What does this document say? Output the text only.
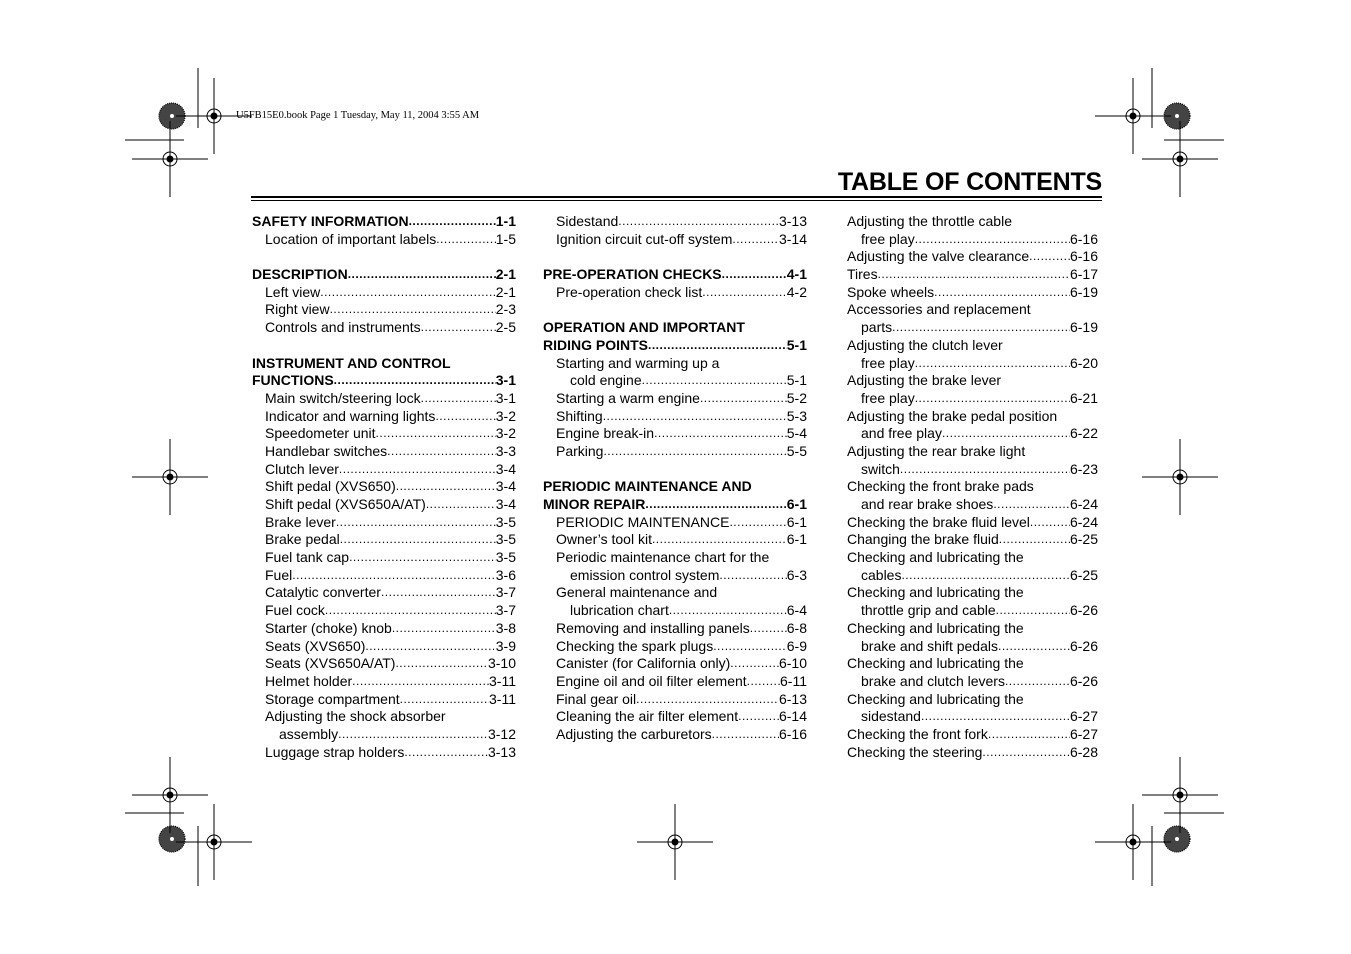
U5FB15E0.book Page 1 Tuesday, May 11, 2004 3:55 AM
TABLE OF CONTENTS
SAFETY INFORMATION .....	1-1
Location of important labels .....	1-5
DESCRIPTION .....	2-1
Left view .....	2-1
Right view .....	2-3
Controls and instruments .....	2-5
INSTRUMENT AND CONTROL
FUNCTIONS .....	3-1
Main switch/steering lock .....	3-1
Indicator and warning lights .....	3-2
Speedometer unit .....	3-2
Handlebar switches .....	3-3
Clutch lever .....	3-4
Shift pedal (XVS650) .....	3-4
Shift pedal (XVS650A/AT) .....	3-4
Brake lever .....	3-5
Brake pedal .....	3-5
Fuel tank cap .....	3-5
Fuel .....	3-6
Catalytic converter .....	3-7
Fuel cock .....	3-7
Starter (choke) knob .....	3-8
Seats (XVS650) .....	3-9
Seats (XVS650A/AT) .....	3-10
Helmet holder .....	3-11
Storage compartment .....	3-11
Adjusting the shock absorber
assembly .....	3-12
Luggage strap holders .....	3-13
Sidestand .....	3-13
Ignition circuit cut-off system .....	3-14
PRE-OPERATION CHECKS .....	4-1
Pre-operation check list .....	4-2
OPERATION AND IMPORTANT
RIDING POINTS .....	5-1
Starting and warming up a
cold engine .....	5-1
Starting a warm engine .....	5-2
Shifting .....	5-3
Engine break-in .....	5-4
Parking .....	5-5
PERIODIC MAINTENANCE AND
MINOR REPAIR .....	6-1
PERIODIC MAINTENANCE .....	6-1
Owner’s tool kit .....	6-1
Periodic maintenance chart for the
emission control system .....	6-3
General maintenance and
lubrication chart .....	6-4
Removing and installing panels .....	6-8
Checking the spark plugs .....	6-9
Canister (for California only) .....	6-10
Engine oil and oil filter element ..... 6-11
Final gear oil .....	6-13
Cleaning the air filter element .....	6-14
Adjusting the carburetors .....	6-16
Adjusting the throttle cable
free play .....	6-16
Adjusting the valve clearance .....	6-16
Tires .....	6-17
Spoke wheels .....	6-19
Accessories and replacement
parts .....	6-19
Adjusting the clutch lever
free play .....	6-20
Adjusting the brake lever
free play .....	6-21
Adjusting the brake pedal position
and free play .....	6-22
Adjusting the rear brake light
switch .....	6-23
Checking the front brake pads
and rear brake shoes .....	6-24
Checking the brake fluid level .....	6-24
Changing the brake fluid .....	6-25
Checking and lubricating the
cables .....	6-25
Checking and lubricating the
throttle grip and cable .....	6-26
Checking and lubricating the
brake and shift pedals .....	6-26
Checking and lubricating the
brake and clutch levers .....	6-26
Checking and lubricating the
sidestand .....	6-27
Checking the front fork .....	6-27
Checking the steering .....	6-28
